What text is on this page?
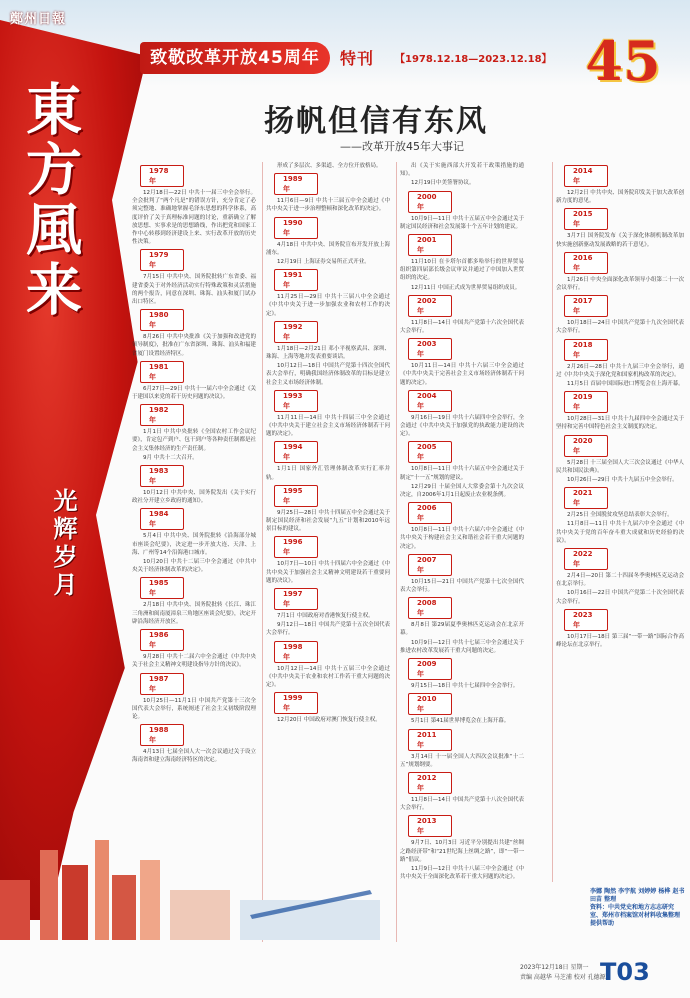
鄭州日報
致敬改革开放45周年	特刊 【1978.12.18—2023.12.18】 45
東方風来
光辉岁月
扬帆但信有东风
——改革开放45年大事记
1978年

12月18日—22日 中共十一届三中全会举行。全会批判了“两个凡是”的错误方针，充分肯定了必须完整地、准确地掌握毛泽东思想的科学体系，高度评价了关于真理标准问题的讨论，重新确立了解放思想、实事求是的思想路线，作出把党和国家工作中心转移到经济建设上来、实行改革开放的历史性决策。

1979年

7月15日 中共中央、国务院批转广东省委、福建省委关于对外经济活动实行特殊政策和灵活措施的两个报告，同意在深圳、珠海、汕头和厦门试办出口特区。

1980年

8月26日 中共中央批准《关于加强和改进党的领导制度》，批准在广东省深圳、珠海、汕头和福建省厦门设置经济特区。

1981年

6月27日—29日 中共十一届六中全会通过《关于建国以来党的若干历史问题的决议》。

1982年

1月1日 中共中央批转《全国农村工作会议纪要》，肯定包产到户、包干到户等各种责任制都是社会主义集体经济的生产责任制。

9月 中共十二大召开。

1983年

10月12日 中共中央、国务院发出《关于实行政社分开建立乡政府的通知》。

1984年

5月4日 中共中央、国务院批转《沿海部分城市座谈会纪要》，决定进一步开放大连、天津、上海、广州等14个沿海港口城市。

10月20日 中共十二届三中全会通过《中共中央关于经济体制改革的决定》。

1985年

2月18日 中共中央、国务院批转《长江、珠江三角洲和闽南厦漳泉三角地区座谈会纪要》，决定开辟沿海经济开放区。

1986年

9月28日 中共十二届六中全会通过《中共中央关于社会主义精神文明建设指导方针的决议》。

1987年

10月25日—11月1日 中国共产党第十三次全国代表大会举行，系统阐述了社会主义初级阶段理论。

1988年

4月13日 七届全国人大一次会议通过关于设立海南省和建立海南经济特区的决定。

形成了多层次、多渠道、全方位开放格局。

1989年

11月6日—9日 中共十三届五中全会通过《中共中央关于进一步治理整顿和深化改革的决定》。

1990年

4月18日 中共中央、国务院宣布开发开放上海浦东。

12月19日 上海证券交易所正式开业。

1991年

11月25日—29日 中共十三届八中全会通过《中共中央关于进一步加强农业和农村工作的决定》。

1992年

1月18日—2月21日 邓小平视察武昌、深圳、珠海、上海等地并发表重要谈话。

10月12日—18日 中国共产党第十四次全国代表大会举行，明确我国经济体制改革的目标是建立社会主义市场经济体制。

1993年

11月11日—14日 中共十四届三中全会通过《中共中央关于建立社会主义市场经济体制若干问题的决定》。

1994年

1月1日 国家外汇管理体制改革实行汇率并轨。

1995年

9月25日—28日 中共十四届五中全会通过关于制定国民经济和社会发展“九五”计划和2010年远景目标的建议。

1996年

10月7日—10日 中共十四届六中全会通过《中共中央关于加强社会主义精神文明建设若干重要问题的决议》。

1997年

7月1日 中国政府对香港恢复行使主权。

9月12日—18日 中国共产党第十五次全国代表大会举行。

1998年

10月12日—14日 中共十五届三中全会通过《中共中央关于农业和农村工作若干重大问题的决定》。

1999年

12月20日 中国政府对澳门恢复行使主权。

出《关于实施西部大开发若干政策措施的通知》。

12月19日中美签署协议。

2000年

10月9日—11日 中共十五届五中全会通过关于制定国民经济和社会发展第十个五年计划的建议。

2001年

11月10日 在卡塔尔首都多哈举行的世界贸易组织第四届部长级会议审议并通过了中国加入世贸组织的决定。

12月11日 中国正式成为世界贸易组织成员。

2002年

11月8日—14日 中国共产党第十六次全国代表大会举行。

2003年

10月11日—14日 中共十六届三中全会通过《中共中央关于完善社会主义市场经济体制若干问题的决定》。

2004年

9月16日—19日 中共十六届四中全会举行，全会通过《中共中央关于加强党的执政能力建设的决定》。

2005年

10月8日—11日 中共十六届五中全会通过关于制定“十一五”规划的建议。

12月29日 十届全国人大常委会第十九次会议决定，自2006年1月1日起废止农业税条例。

2006年

10月8日—11日 中共十六届六中全会通过《中共中央关于构建社会主义和谐社会若干重大问题的决定》。

2007年

10月15日—21日 中国共产党第十七次全国代表大会举行。

2008年

8月8日 第29届夏季奥林匹克运动会在北京开幕。

10月9日—12日 中共十七届三中全会通过关于推进农村改革发展若干重大问题的决定。

2009年

9月15日—18日 中共十七届四中全会举行。

2010年

5月1日 第41届世界博览会在上海开幕。

2011年

3月14日 十一届全国人大四次会议批准“十二五”规划纲要。

2012年

11月8日—14日 中国共产党第十八次全国代表大会举行。

2013年

9月7日、10月3日 习近平分别提出共建“丝绸之路经济带”和“21世纪海上丝绸之路”，即“一带一路”倡议。

11月9日—12日 中共十八届三中全会通过《中共中央关于全面深化改革若干重大问题的决定》。

2014年

12月2日 中共中央、国务院印发关于加大改革创新力度的意见。

2015年

3月7日 国务院发布《关于深化体制机制改革加快实施创新驱动发展战略的若干意见》。

2016年

1月26日 中央全面深化改革领导小组第二十一次会议举行。

2017年

10月18日—24日 中国共产党第十九次全国代表大会举行。

2018年

2月26日—28日 中共十九届三中全会举行，通过《中共中央关于深化党和国家机构改革的决定》。

11月5日 首届中国国际进口博览会在上海开幕。

2019年

10月28日—31日 中共十九届四中全会通过关于坚持和完善中国特色社会主义制度的决定。

2020年

5月28日 十三届全国人大三次会议通过《中华人民共和国民法典》。

10月26日—29日 中共十九届五中全会举行。

2021年

2月25日 全国脱贫攻坚总结表彰大会举行。

11月8日—11日 中共十九届六中全会通过《中共中央关于党的百年奋斗重大成就和历史经验的决议》。

2022年

2月4日—20日 第二十四届冬季奥林匹克运动会在北京举行。

10月16日—22日 中国共产党第二十次全国代表大会举行。

2023年

10月17日—18日 第三届“一带一路”国际合作高峰论坛在北京举行。

李娜 陶然 李宇航 刘婷婷 杨桦 赵书 田苗 整理
资料：中共党史和地方志志研究室、郑州市档案馆对材料收集整理提供帮助
2023年12月18日 星期一
责编 高越华 马芝浦 校对 孔德源
T03
